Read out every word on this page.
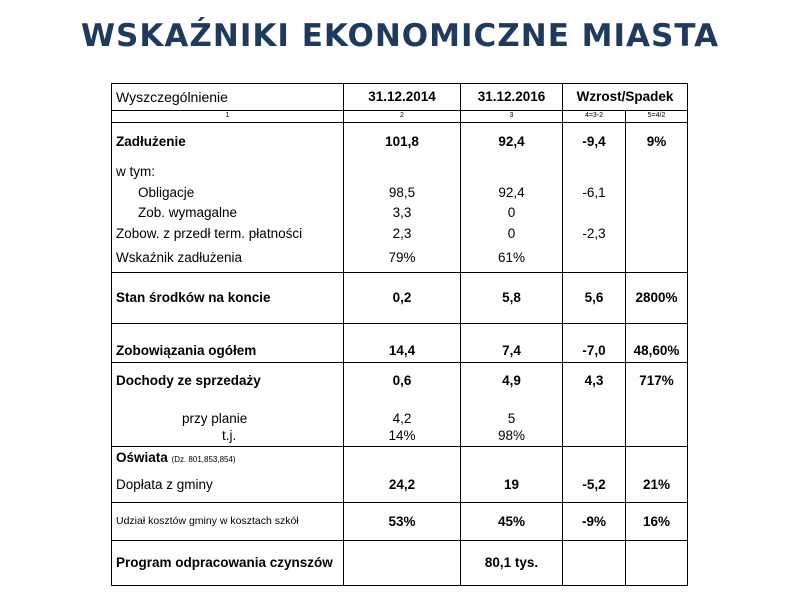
WSKAŹNIKI EKONOMICZNE MIASTA
Wyszczególnienie	31.12.2014	31.12.2016	Wzrost/Spadek	
1	2	3	4=3-2	5=4/2
Zadłużenie	101,8	92,4	-9,4	9%
w tym:				
Obligacje	98,5	92,4	-6,1	
Zob. wymagalne	3,3	0		
Zobow. z przedł term. płatności	2,3	0	-2,3	
Wskaźnik zadłużenia	79%	61%		
Stan środków na koncie	0,2	5,8	5,6	2800%
Zobowiązania ogółem	14,4	7,4	-7,0	48,60%
Dochody ze sprzedaży	0,6	4,9	4,3	717%
przy planie	4,2	5		
t.j.	14%	98%		
Oświata (Dz. 801,853,854)				
Dopłata z gminy	24,2	19	-5,2	21%
Udział kosztów gminy w kosztach szkół	53%	45%	-9%	16%
Program odpracowania czynszów		80,1 tys.		
